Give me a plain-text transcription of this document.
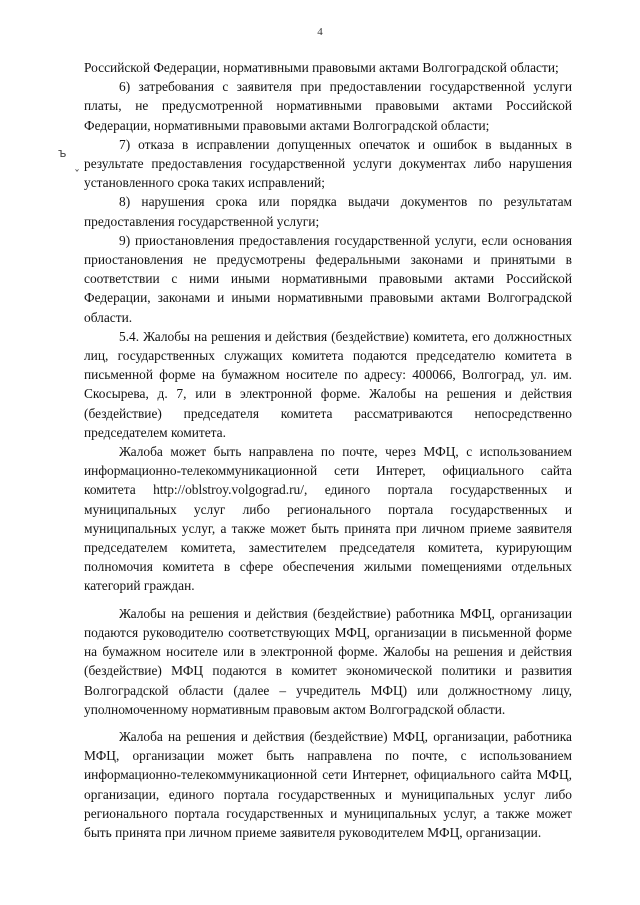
4
ъ
ˇ

Российской Федерации, нормативными правовыми актами Волгоградской области;

6) затребования с заявителя при предоставлении государственной услуги платы, не предусмотренной нормативными правовыми актами Российской Федерации, нормативными правовыми актами Волгоградской области;

7) отказа в исправлении допущенных опечаток и ошибок в выданных в результате предоставления государственной услуги документах либо нарушения установленного срока таких исправлений;

8) нарушения срока или порядка выдачи документов по результатам предоставления государственной услуги;

9) приостановления предоставления государственной услуги, если основания приостановления не предусмотрены федеральными законами и принятыми в соответствии с ними иными нормативными правовыми актами Российской Федерации, законами и иными нормативными правовыми актами Волгоградской области.

5.4. Жалобы на решения и действия (бездействие) комитета, его должностных лиц, государственных служащих комитета подаются председателю комитета в письменной форме на бумажном носителе по адресу: 400066, Волгоград, ул. им. Скосырева, д. 7, или в электронной форме. Жалобы на решения и действия (бездействие) председателя комитета рассматриваются непосредственно председателем комитета.

Жалоба может быть направлена по почте, через МФЦ, с использованием информационно-телекоммуникационной сети Интерет, официального сайта комитета http://oblstroy.volgograd.ru/, единого портала государственных и муниципальных услуг либо регионального портала государственных и муниципальных услуг, а также может быть принята при личном приеме заявителя председателем комитета, заместителем председателя комитета, курирующим полномочия комитета в сфере обеспечения жилыми помещениями отдельных категорий граждан.

Жалобы на решения и действия (бездействие) работника МФЦ, организации подаются руководителю соответствующих МФЦ, организации в письменной форме на бумажном носителе или в электронной форме. Жалобы на решения и действия (бездействие) МФЦ подаются в комитет экономической политики и развития Волгоградской области (далее – учредитель МФЦ) или должностному лицу, уполномоченному нормативным правовым актом Волгоградской области.

Жалоба на решения и действия (бездействие) МФЦ, организации, работника МФЦ, организации может быть направлена по почте, с использованием информационно-телекоммуникационной сети Интернет, официального сайта МФЦ, организации, единого портала государственных и муниципальных услуг либо регионального портала государственных и муниципальных услуг, а также может быть принята при личном приеме заявителя руководителем МФЦ, организации.
